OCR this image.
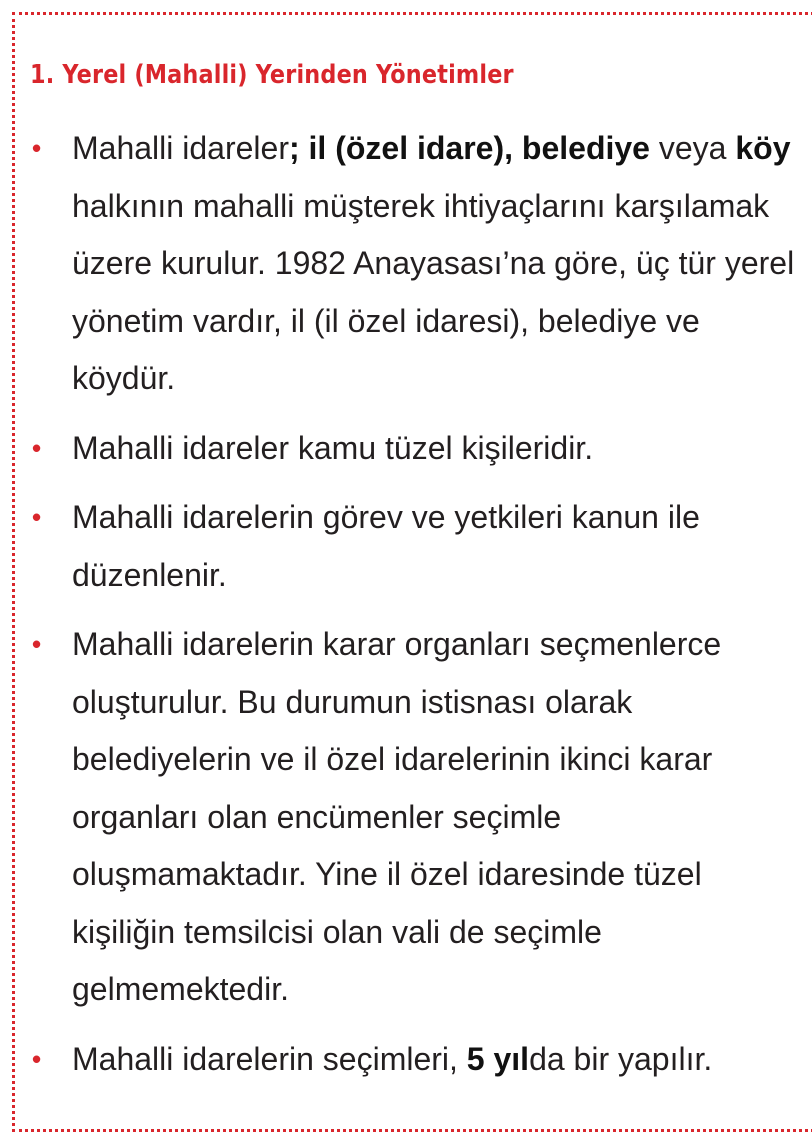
1. Yerel (Mahalli) Yerinden Yönetimler
• Mahalli idareler; il (özel idare), belediye veya köy halkının mahalli müşterek ihtiyaçlarını karşılamak üzere kurulur. 1982 Anayasası’na göre, üç tür yerel yönetim vardır, il (il özel idaresi), belediye ve köydür.
• Mahalli idareler kamu tüzel kişileridir.
• Mahalli idarelerin görev ve yetkileri kanun ile düzenlenir.
• Mahalli idarelerin karar organları seçmenlerce oluşturulur. Bu durumun istisnası olarak belediyelerin ve il özel idarelerinin ikinci karar organları olan encümenler seçimle oluşmamaktadır. Yine il özel idaresinde tüzel kişiliğin temsilcisi olan vali de seçimle gelmemektedir.
• Mahalli idarelerin seçimleri, 5 yılda bir yapılır.
